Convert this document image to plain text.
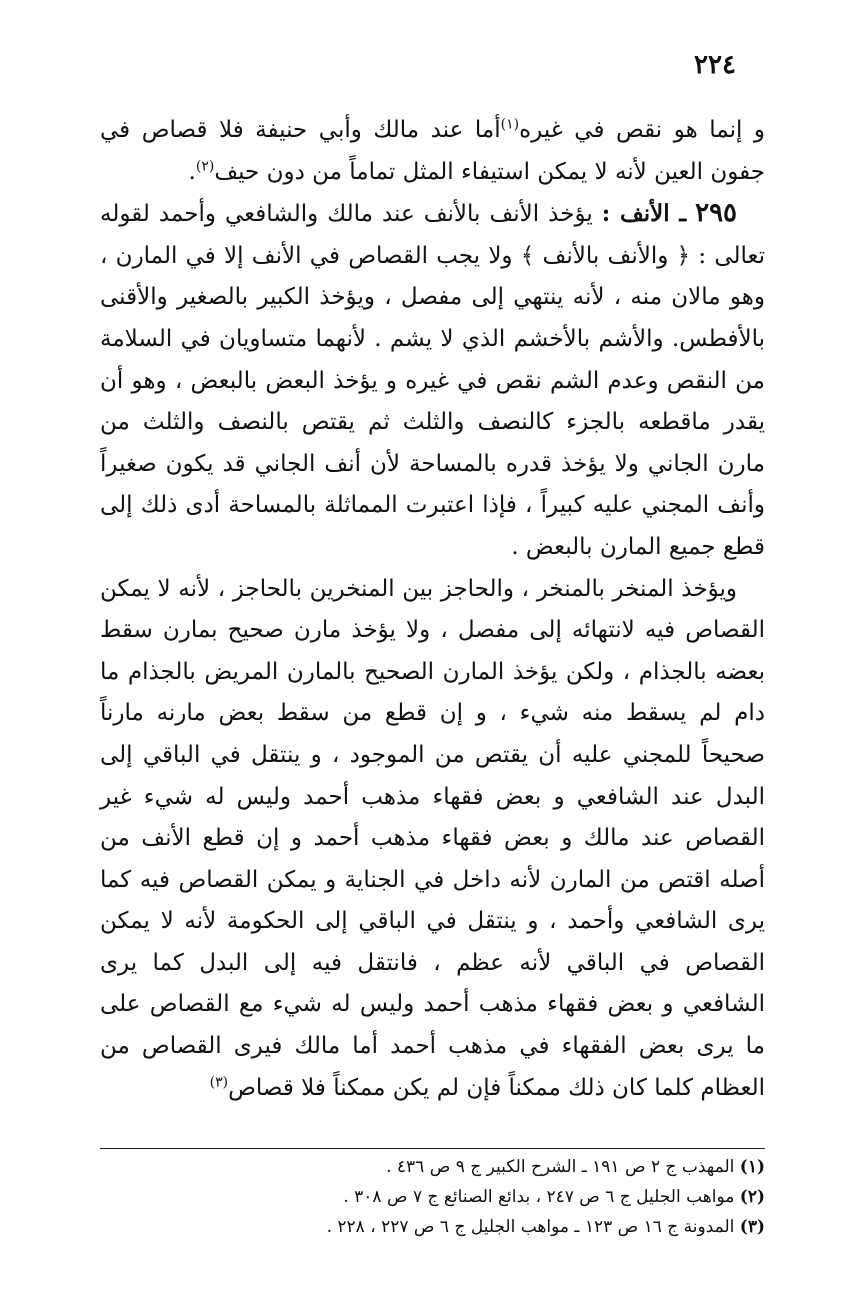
٢٢٤

و إنما هو نقص في غيره$^{(١)}$أما عند مالك وأبي حنيفة فلا قصاص في جفون العين لأنه لا يمكن استيفاء المثل تماماً من دون حيف$^{(٢)}$.

٢٩٥ ـ الأنف : يؤخذ الأنف بالأنف عند مالك والشافعي وأحمد لقوله تعالى : ﴿ والأنف بالأنف ﴾ ولا يجب القصاص في الأنف إلا في المارن ، وهو مالان منه ، لأنه ينتهي إلى مفصل ، ويؤخذ الكبير بالصغير والأقنى بالأفطس. والأشم بالأخشم الذي لا يشم . لأنهما متساويان في السلامة من النقص وعدم الشم نقص في غيره و يؤخذ البعض بالبعض ، وهو أن يقدر ماقطعه بالجزء كالنصف والثلث ثم يقتص بالنصف والثلث من مارن الجاني ولا يؤخذ قدره بالمساحة لأن أنف الجاني قد يكون صغيراً وأنف المجني عليه كبيراً ، فإذا اعتبرت المماثلة بالمساحة أدى ذلك إلى قطع جميع المارن بالبعض .

ويؤخذ المنخر بالمنخر ، والحاجز بين المنخرين بالحاجز ، لأنه لا يمكن القصاص فيه لانتهائه إلى مفصل ، ولا يؤخذ مارن صحيح بمارن سقط بعضه بالجذام ، ولكن يؤخذ المارن الصحيح بالمارن المريض بالجذام ما دام لم يسقط منه شيء ، و إن قطع من سقط بعض مارنه مارناً صحيحاً للمجني عليه أن يقتص من الموجود ، و ينتقل في الباقي إلى البدل عند الشافعي و بعض فقهاء مذهب أحمد وليس له شيء غير القصاص عند مالك و بعض فقهاء مذهب أحمد و إن قطع الأنف من أصله اقتص من المارن لأنه داخل في الجناية و يمكن القصاص فيه كما يرى الشافعي وأحمد ، و ينتقل في الباقي إلى الحكومة لأنه لا يمكن القصاص في الباقي لأنه عظم ، فانتقل فيه إلى البدل كما يرى الشافعي و بعض فقهاء مذهب أحمد وليس له شيء مع القصاص على ما يرى بعض الفقهاء في مذهب أحمد أما مالك فيرى القصاص من العظام كلما كان ذلك ممكناً فإن لم يكن ممكناً فلا قصاص$^{(٣)}$

(١) المهذب ج ٢ ص ١٩١ ـ الشرح الكبير ج ٩ ص ٤٣٦ .
(٢) مواهب الجليل ج ٦ ص ٢٤٧ ، بدائع الصنائع ج ٧ ص ٣٠٨ .
(٣) المدونة ج ١٦ ص ١٢٣ ـ مواهب الجليل ج ٦ ص ٢٢٧ ، ٢٢٨ .
